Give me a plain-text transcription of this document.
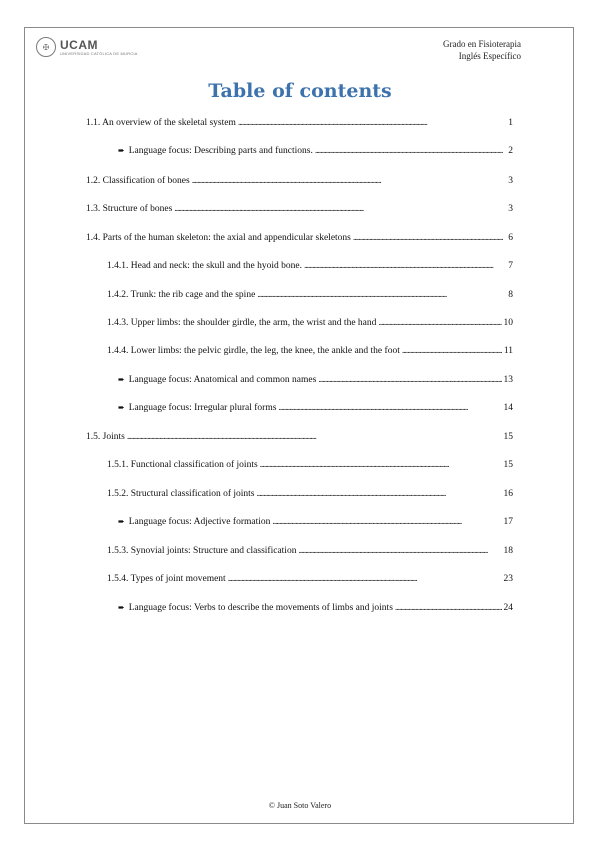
✠ UCAM
UNIVERSIDAD CATÓLICA DE MURCIA
Grado en Fisioterapia
Inglés Específico
Table of contents
1.1. An overview of the skeletal system . . .	1
➨ Language focus: Describing parts and functions. . . .	2
1.2. Classification of bones . . .	3
1.3. Structure of bones . . .	3
1.4. Parts of the human skeleton: the axial and appendicular skeletons . . .	6
1.4.1. Head and neck: the skull and the hyoid bone. . . .	7
1.4.2. Trunk: the rib cage and the spine . . .	8
1.4.3. Upper limbs: the shoulder girdle, the arm, the wrist and the hand . . .	10
1.4.4. Lower limbs: the pelvic girdle, the leg, the knee, the ankle and the foot . . .	11
➨ Language focus: Anatomical and common names . . .	13
➨ Language focus: Irregular plural forms . . .	14
1.5. Joints . . .	15
1.5.1. Functional classification of joints . . .	15
1.5.2. Structural classification of joints . . .	16
➨ Language focus: Adjective formation . . .	17
1.5.3. Synovial joints: Structure and classification . . .	18
1.5.4. Types of joint movement . . .	23
➨ Language focus: Verbs to describe the movements of limbs and joints . . .	24
© Juan Soto Valero
